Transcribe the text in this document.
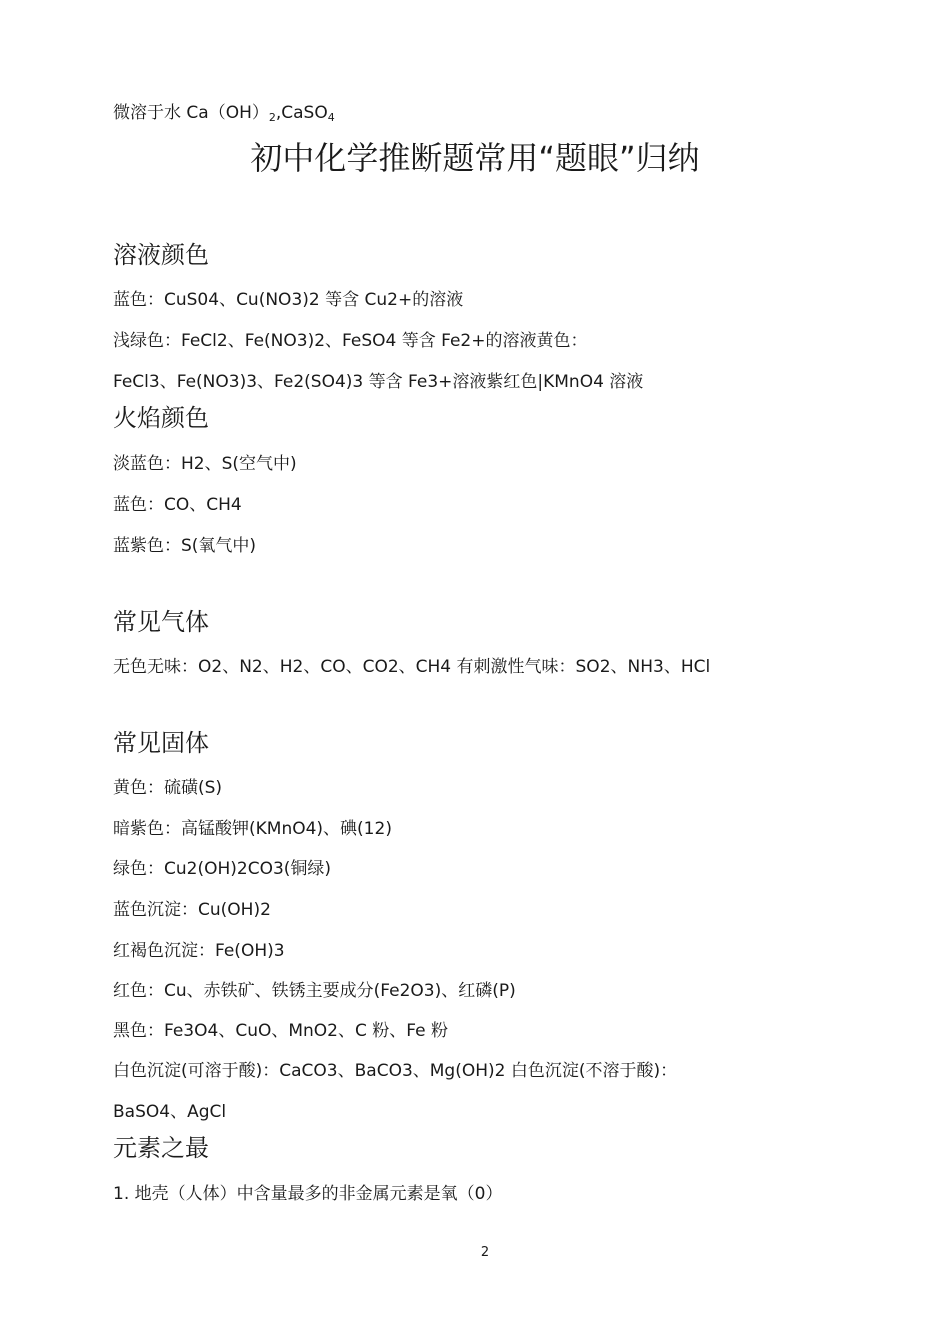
微溶于水 $Ca(OH)_2,CaSO_4$
初中化学推断题常用“题眼”归纳
溶液颜色
蓝色：CuS04、Cu(NO3)2 等含 Cu2+的溶液
浅绿色：FeCl2、Fe(NO3)2、FeSO4 等含 Fe2+的溶液黄色：
FeCl3、Fe(NO3)3、Fe2(SO4)3 等含 Fe3+溶液紫红色|KMnO4 溶液
火焰颜色
淡蓝色：H2、S(空气中)
蓝色：CO、CH4
蓝紫色：S(氧气中)
常见气体
无色无味：O2、N2、H2、CO、CO2、CH4 有刺激性气味：SO2、NH3、HCl
常见固体
黄色：硫磺(S)
暗紫色：高锰酸钾(KMnO4)、碘(12)
绿色：Cu2(OH)2CO3(铜绿)
蓝色沉淀：Cu(OH)2
红褐色沉淀：Fe(OH)3
红色：Cu、赤铁矿、铁锈主要成分(Fe2O3)、红磷(P)
黑色：Fe3O4、CuO、MnO2、C 粉、Fe 粉
白色沉淀(可溶于酸)：CaCO3、BaCO3、Mg(OH)2 白色沉淀(不溶于酸)：
BaSO4、AgCl
元素之最
1. 地壳（人体）中含量最多的非金属元素是氧（0）
2
